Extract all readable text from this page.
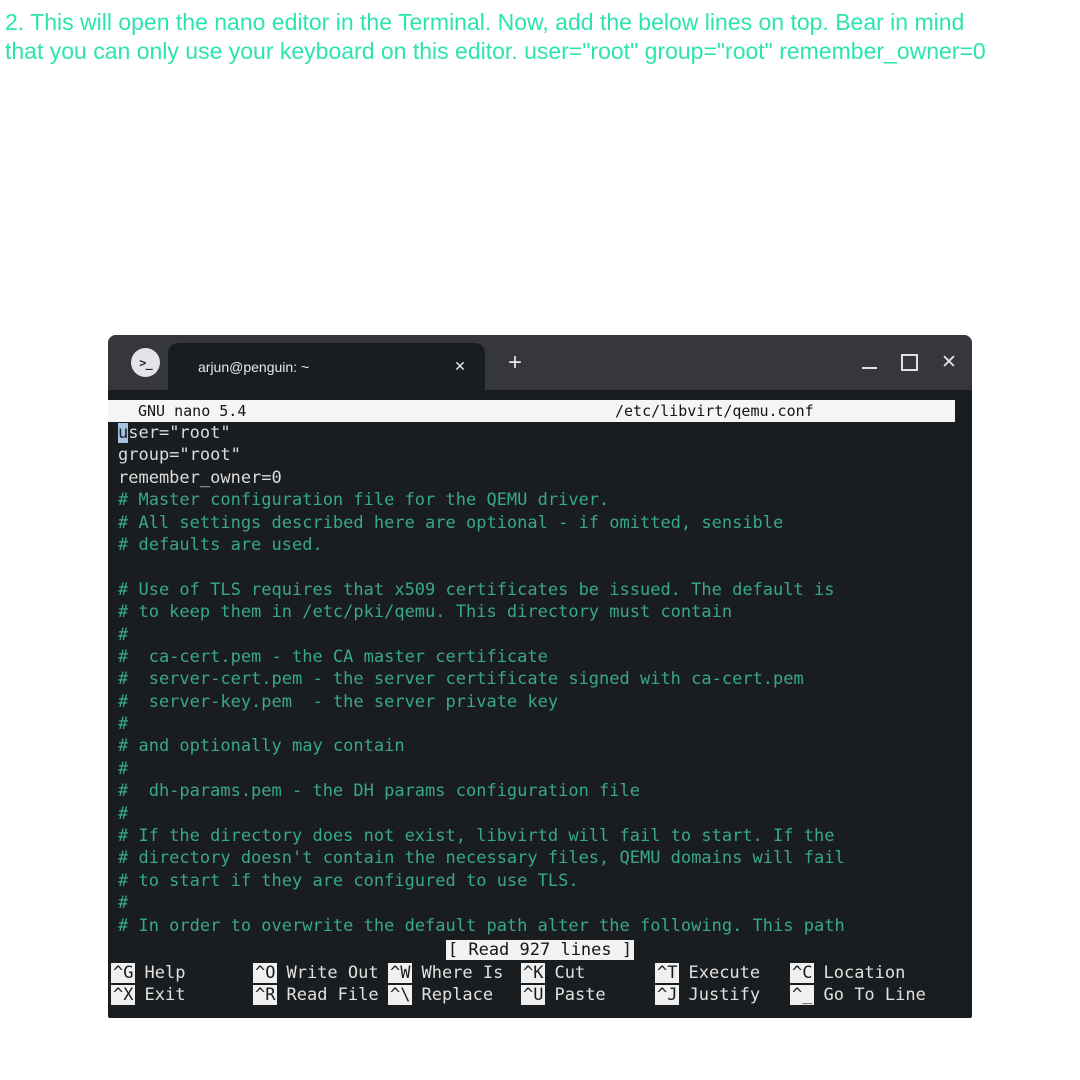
2. This will open the nano editor in the Terminal. Now, add the below lines on top. Bear in mind
that you can only use your keyboard on this editor. user="root" group="root" remember_owner=0
>_	arjun@penguin: ~	✕ +	✕

GNU nano 5.4

	/etc/libvirt/qemu.conf

user="root"
group="root"
remember_owner=0
# Master configuration file for the QEMU driver.
# All settings described here are optional - if omitted, sensible
# defaults are used.

# Use of TLS requires that x509 certificates be issued. The default is
# to keep them in /etc/pki/qemu. This directory must contain
#
#  ca-cert.pem - the CA master certificate
#  server-cert.pem - the server certificate signed with ca-cert.pem
#  server-key.pem  - the server private key
#
# and optionally may contain
#
#  dh-params.pem - the DH params configuration file
#
# If the directory does not exist, libvirtd will fail to start. If the
# directory doesn't contain the necessary files, QEMU domains will fail
# to start if they are configured to use TLS.
#
# In order to overwrite the default path alter the following. This path
[ Read 927 lines ]
^G Help	^O Write Out ^W Where Is ^K Cut	^T Execute ^C Location
^X Exit	^R Read File ^\ Replace ^U Paste	^J Justify ^_ Go To Line
